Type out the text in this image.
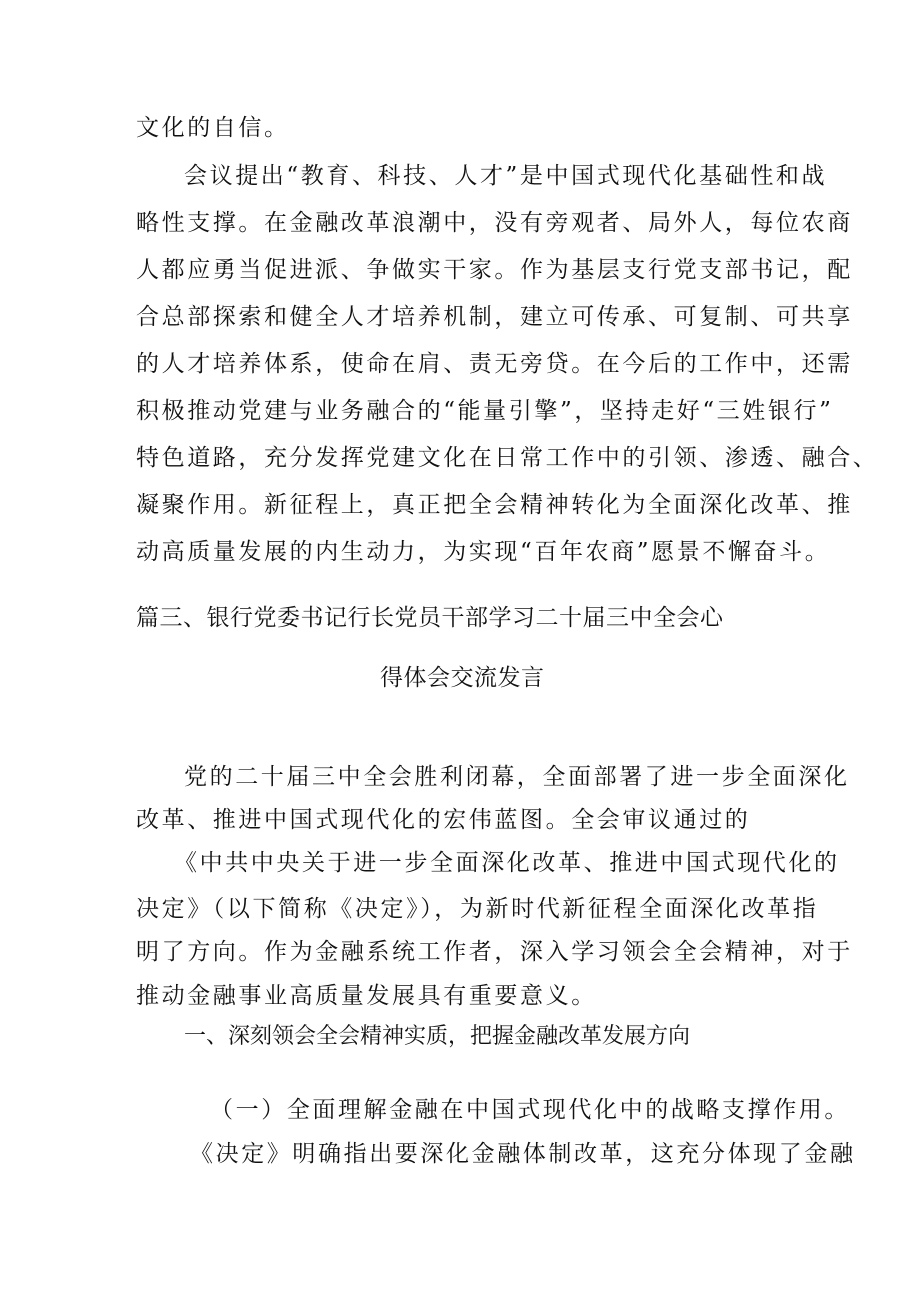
文化的自信。
会议提出“教育、科技、人才”是中国式现代化基础性和战
略性支撑。在金融改革浪潮中，没有旁观者、局外人，每位农商
人都应勇当促进派、争做实干家。作为基层支行党支部书记，配
合总部探索和健全人才培养机制，建立可传承、可复制、可共享
的人才培养体系，使命在肩、责无旁贷。在今后的工作中，还需
积极推动党建与业务融合的“能量引擎”，坚持走好“三姓银行”
特色道路，充分发挥党建文化在日常工作中的引领、渗透、融合、
凝聚作用。新征程上，真正把全会精神转化为全面深化改革、推
动高质量发展的内生动力，为实现“百年农商”愿景不懈奋斗。
篇三、银行党委书记行长党员干部学习二十届三中全会心
得体会交流发言
党的二十届三中全会胜利闭幕，全面部署了进一步全面深化
改革、推进中国式现代化的宏伟蓝图。全会审议通过的
《中共中央关于进一步全面深化改革、推进中国式现代化的
决定》（以下简称《决定》），为新时代新征程全面深化改革指
明了方向。作为金融系统工作者，深入学习领会全会精神，对于
推动金融事业高质量发展具有重要意义。
一、深刻领会全会精神实质，把握金融改革发展方向
（一）全面理解金融在中国式现代化中的战略支撑作用。
《决定》明确指出要深化金融体制改革，这充分体现了金融
